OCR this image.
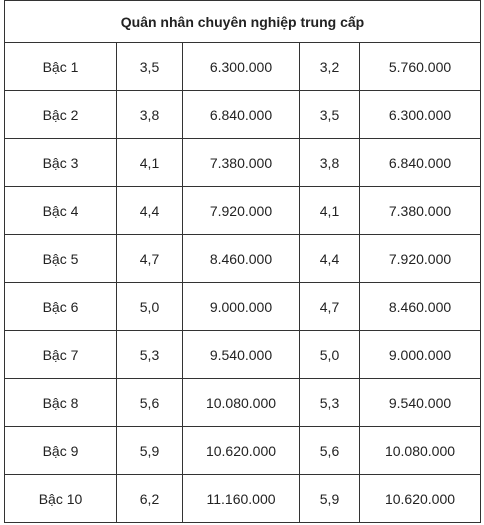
Quân nhân chuyên nghiệp trung cấp				
Bậc 1	3,5	6.300.000	3,2	5.760.000
Bậc 2	3,8	6.840.000	3,5	6.300.000
Bậc 3	4,1	7.380.000	3,8	6.840.000
Bậc 4	4,4	7.920.000	4,1	7.380.000
Bậc 5	4,7	8.460.000	4,4	7.920.000
Bậc 6	5,0	9.000.000	4,7	8.460.000
Bậc 7	5,3	9.540.000	5,0	9.000.000
Bậc 8	5,6	10.080.000	5,3	9.540.000
Bậc 9	5,9	10.620.000	5,6	10.080.000
Bậc 10	6,2	11.160.000	5,9	10.620.000
